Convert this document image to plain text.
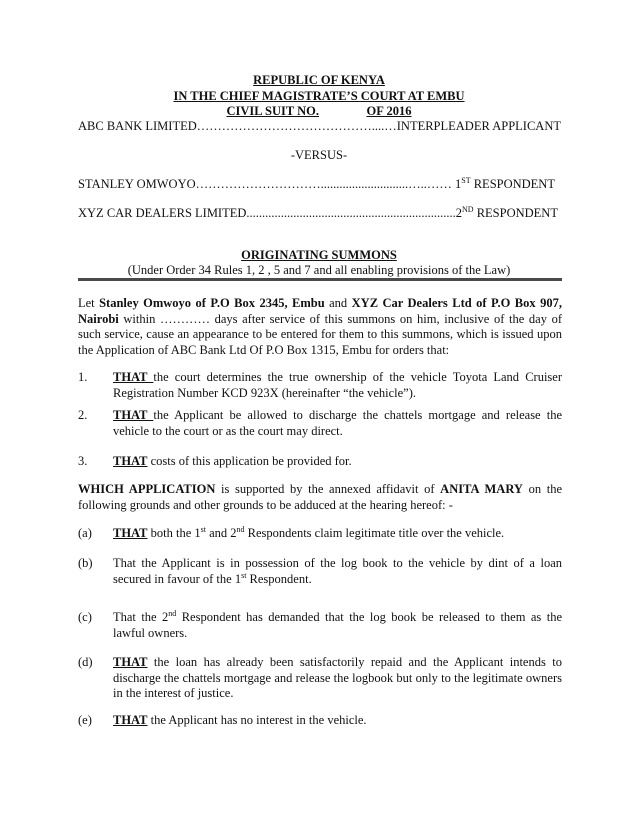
REPUBLIC OF KENYA
IN THE CHIEF MAGISTRATE’S COURT AT EMBU
CIVIL SUIT NO.	OF 2016
ABC BANK LIMITED……………………………………....…INTERPLEADER APPLICANT
-VERSUS-
STANLEY OMWOYO…………………………............................…..…… 1ST RESPONDENT
XYZ CAR DEALERS LIMITED...................................................................2ND RESPONDENT
ORIGINATING SUMMONS
(Under Order 34 Rules 1, 2 , 5 and 7 and all enabling provisions of the Law)
Let Stanley Omwoyo of P.O Box 2345, Embu and XYZ Car Dealers Ltd of P.O Box 907, Nairobi within ………… days after service of this summons on him, inclusive of the day of such service, cause an appearance to be entered for them to this summons, which is issued upon the Application of ABC Bank Ltd Of P.O Box 1315, Embu for orders that:
1.	THAT the court determines the true ownership of the vehicle Toyota Land Cruiser Registration Number KCD 923X (hereinafter “the vehicle”).
2.	THAT the Applicant be allowed to discharge the chattels mortgage and release the vehicle to the court or as the court may direct.
3.	THAT costs of this application be provided for.
WHICH APPLICATION is supported by the annexed affidavit of ANITA MARY on the following grounds and other grounds to be adduced at the hearing hereof: -
(a)	THAT both the 1st and 2nd Respondents claim legitimate title over the vehicle.
(b)	That the Applicant is in possession of the log book to the vehicle by dint of a loan secured in favour of the 1st Respondent.
(c)	That the 2nd Respondent has demanded that the log book be released to them as the lawful owners.
(d)	THAT the loan has already been satisfactorily repaid and the Applicant intends to discharge the chattels mortgage and release the logbook but only to the legitimate owners in the interest of justice.
(e)	THAT the Applicant has no interest in the vehicle.
